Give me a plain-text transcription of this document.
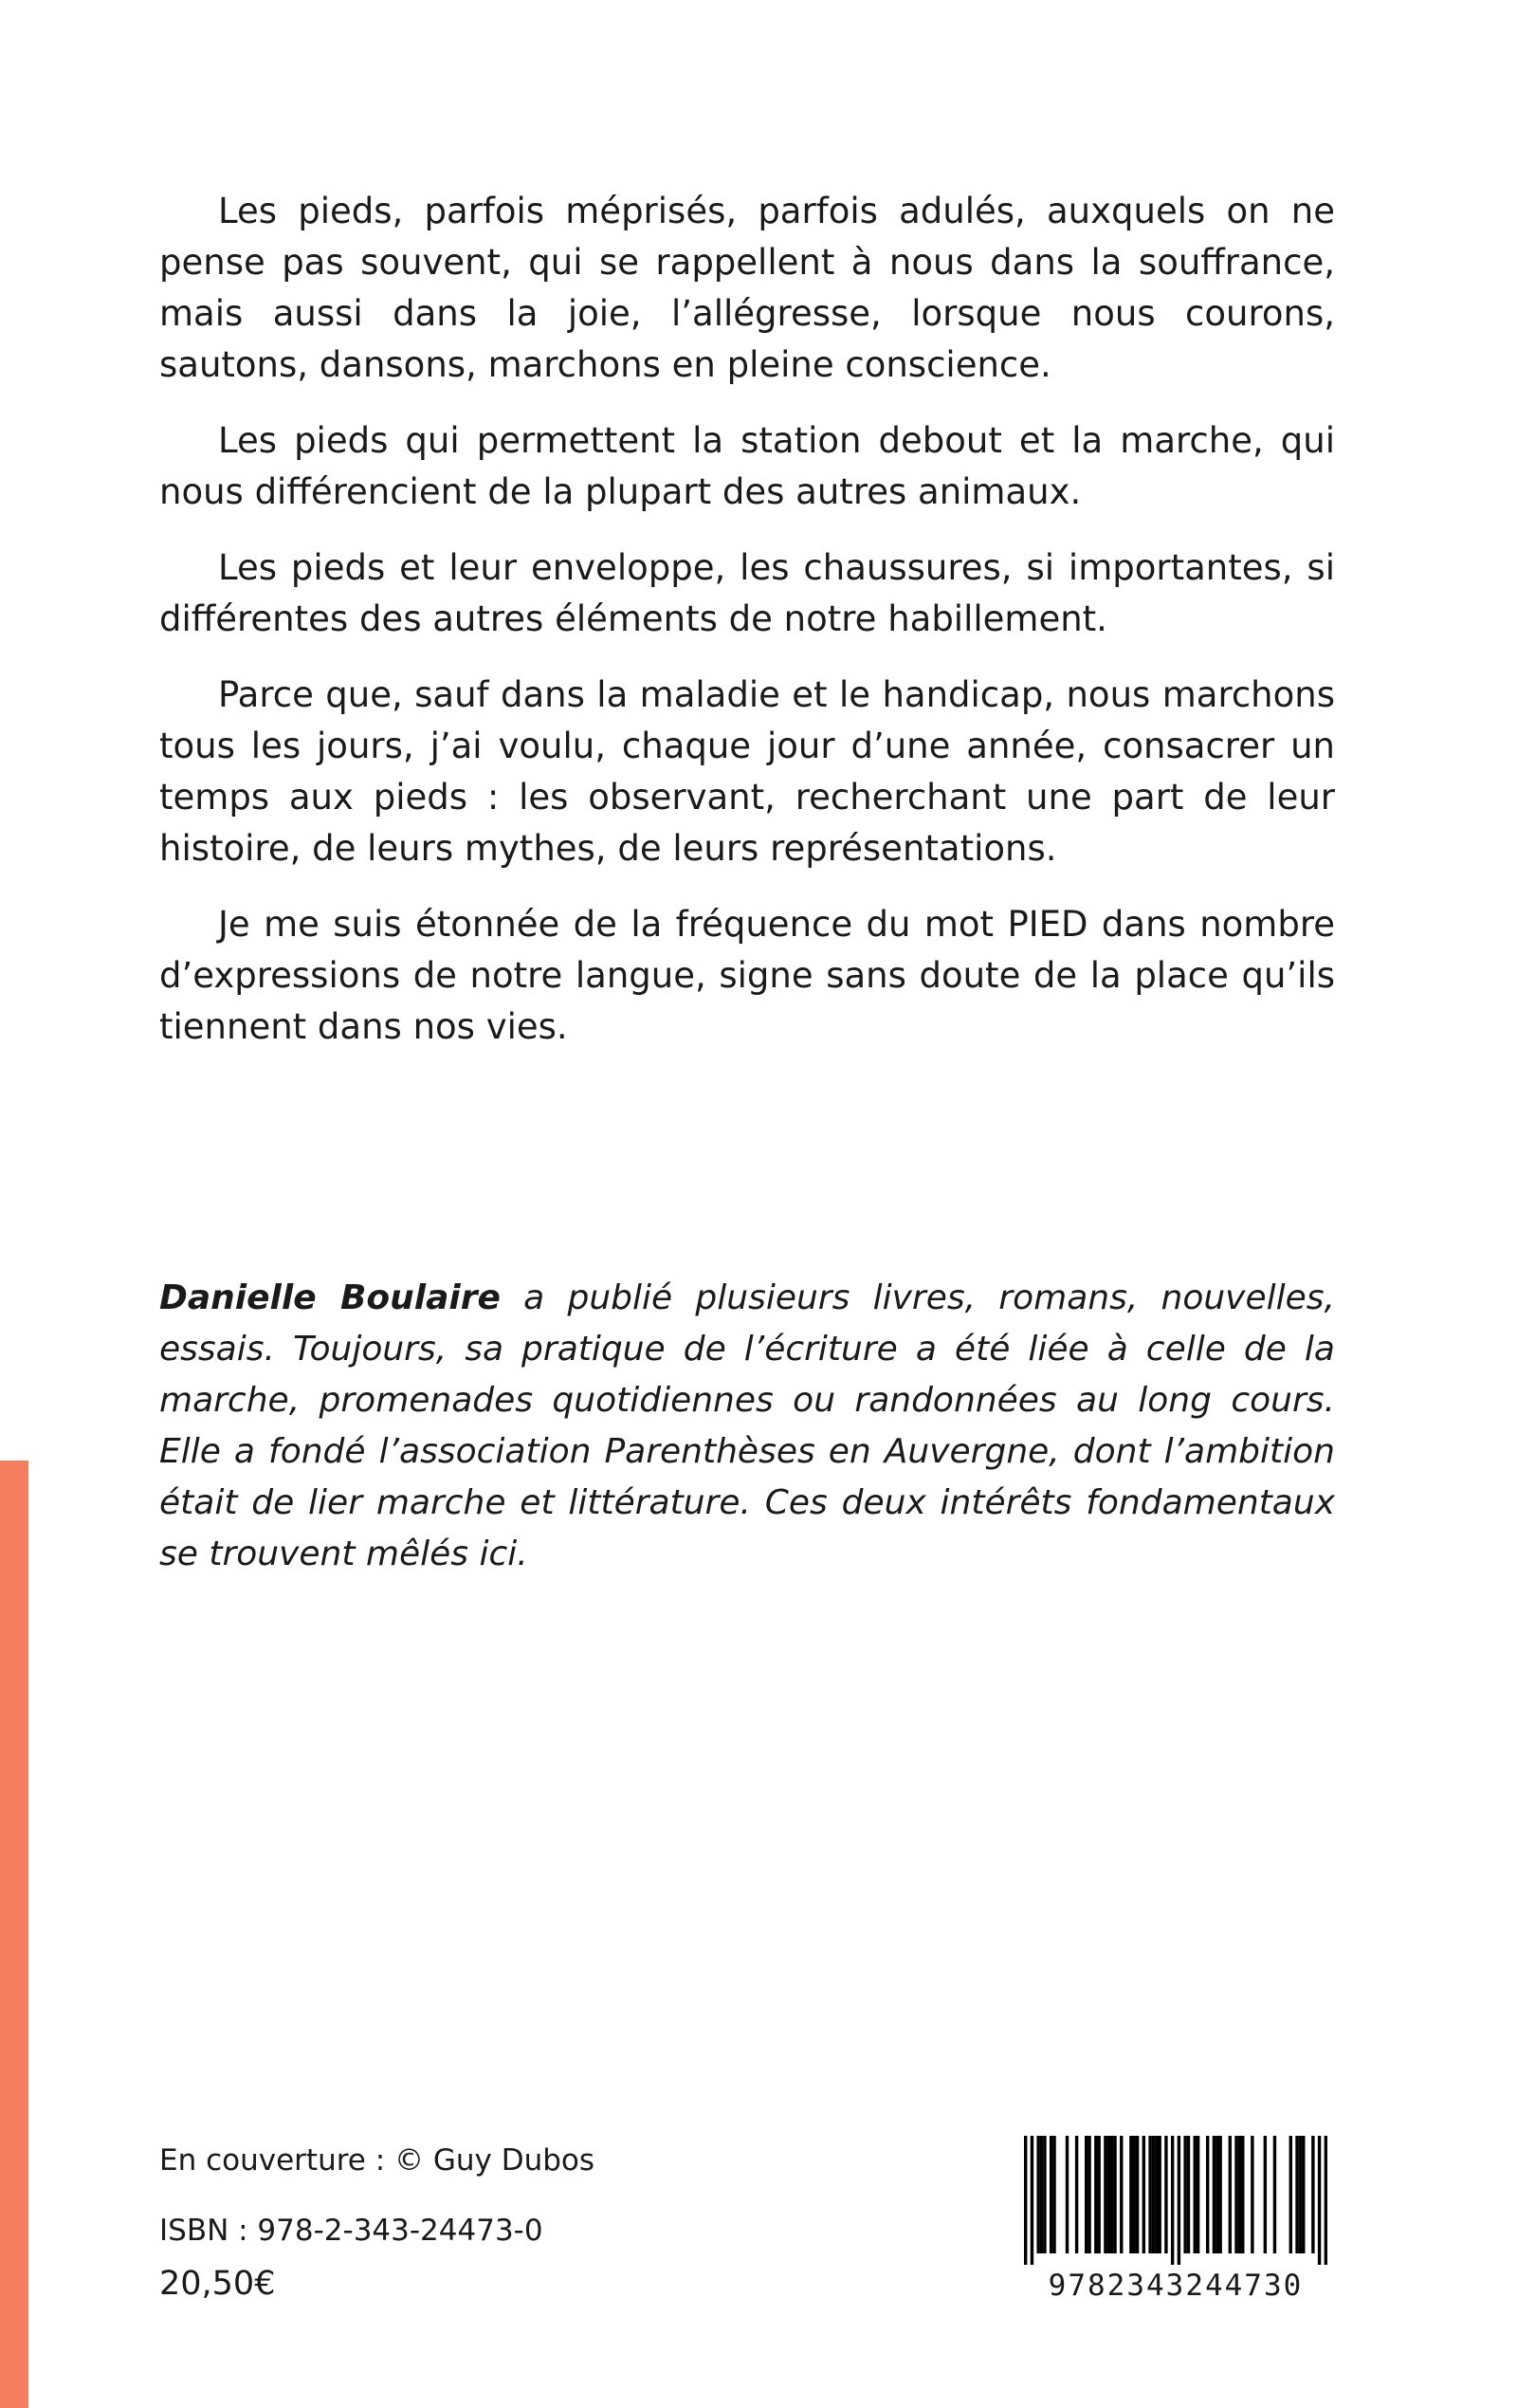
Les pieds, parfois méprisés, parfois adulés, auxquels on ne pense pas souvent, qui se rappellent à nous dans la souffrance, mais aussi dans la joie, l’allégresse, lorsque nous courons, sautons, dansons, marchons en pleine conscience.

Les pieds qui permettent la station debout et la marche, qui nous différencient de la plupart des autres animaux.

Les pieds et leur enveloppe, les chaussures, si importantes, si différentes des autres éléments de notre habillement.

Parce que, sauf dans la maladie et le handicap, nous marchons tous les jours, j’ai voulu, chaque jour d’une année, consacrer un temps aux pieds : les observant, recherchant une part de leur histoire, de leurs mythes, de leurs représentations.

Je me suis étonnée de la fréquence du mot PIED dans nombre d’expressions de notre langue, signe sans doute de la place qu’ils tiennent dans nos vies.

Danielle Boulaire a publié plusieurs livres, romans, nouvelles, essais. Toujours, sa pratique de l’écriture a été liée à celle de la marche, promenades quotidiennes ou randonnées au long cours. Elle a fondé l’association Parenthèses en Auvergne, dont l’ambition était de lier marche et littérature. Ces deux intérêts fondamentaux se trouvent mêlés ici.

En couverture : © Guy Dubos

ISBN : 978-2-343-24473-0

20,50€	9782343244730
